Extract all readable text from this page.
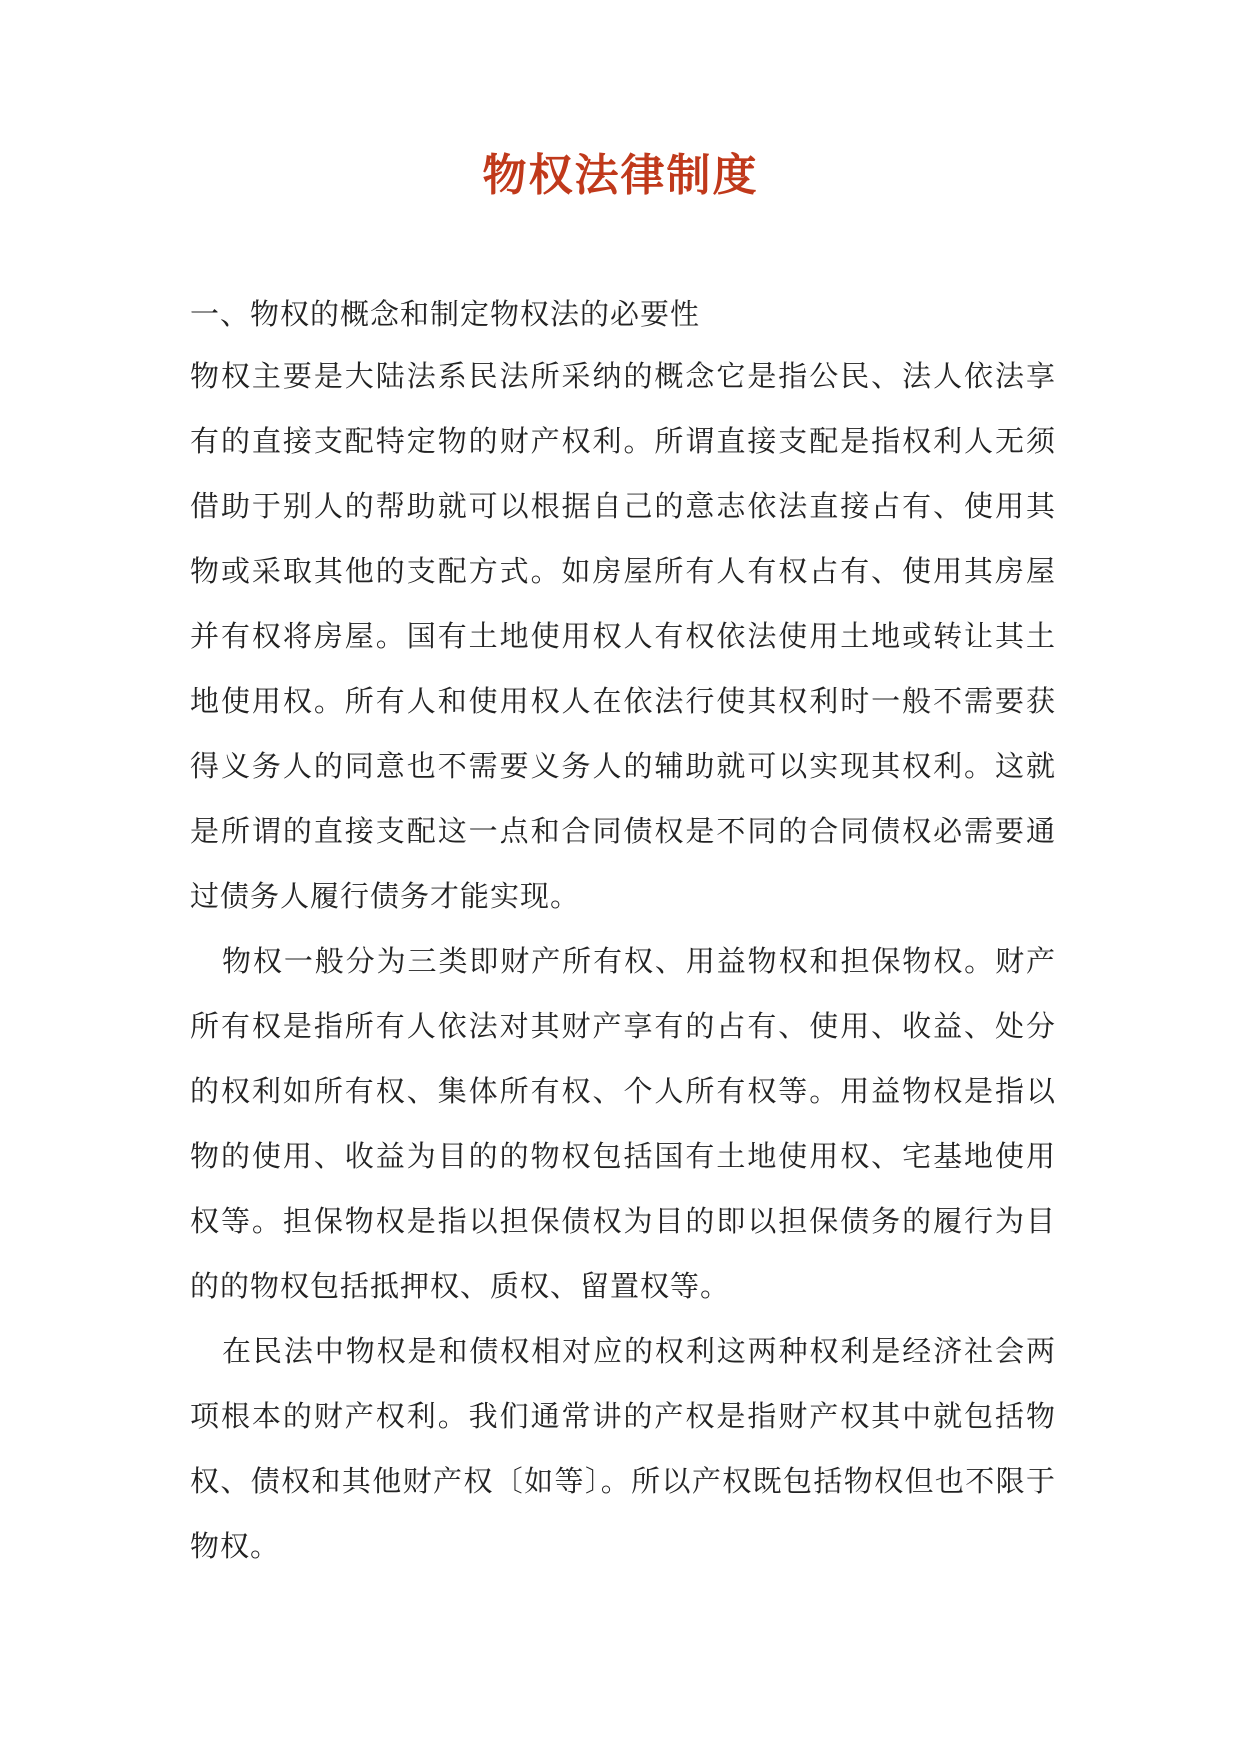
物权法律制度

一、物权的概念和制定物权法的必要性

物权主要是大陆法系民法所采纳的概念它是指公民、法人依法享有的直接支配特定物的财产权利。所谓直接支配是指权利人无须借助于别人的帮助就可以根据自己的意志依法直接占有、使用其物或采取其他的支配方式。如房屋所有人有权占有、使用其房屋并有权将房屋。国有土地使用权人有权依法使用土地或转让其土地使用权。所有人和使用权人在依法行使其权利时一般不需要获得义务人的同意也不需要义务人的辅助就可以实现其权利。这就是所谓的直接支配这一点和合同债权是不同的合同债权必需要通过债务人履行债务才能实现。

物权一般分为三类即财产所有权、用益物权和担保物权。财产所有权是指所有人依法对其财产享有的占有、使用、收益、处分的权利如所有权、集体所有权、个人所有权等。用益物权是指以物的使用、收益为目的的物权包括国有土地使用权、宅基地使用权等。担保物权是指以担保债权为目的即以担保债务的履行为目的的物权包括抵押权、质权、留置权等。

在民法中物权是和债权相对应的权利这两种权利是经济社会两项根本的财产权利。我们通常讲的产权是指财产权其中就包括物权、债权和其他财产权〔如等〕。所以产权既包括物权但也不限于物权。
